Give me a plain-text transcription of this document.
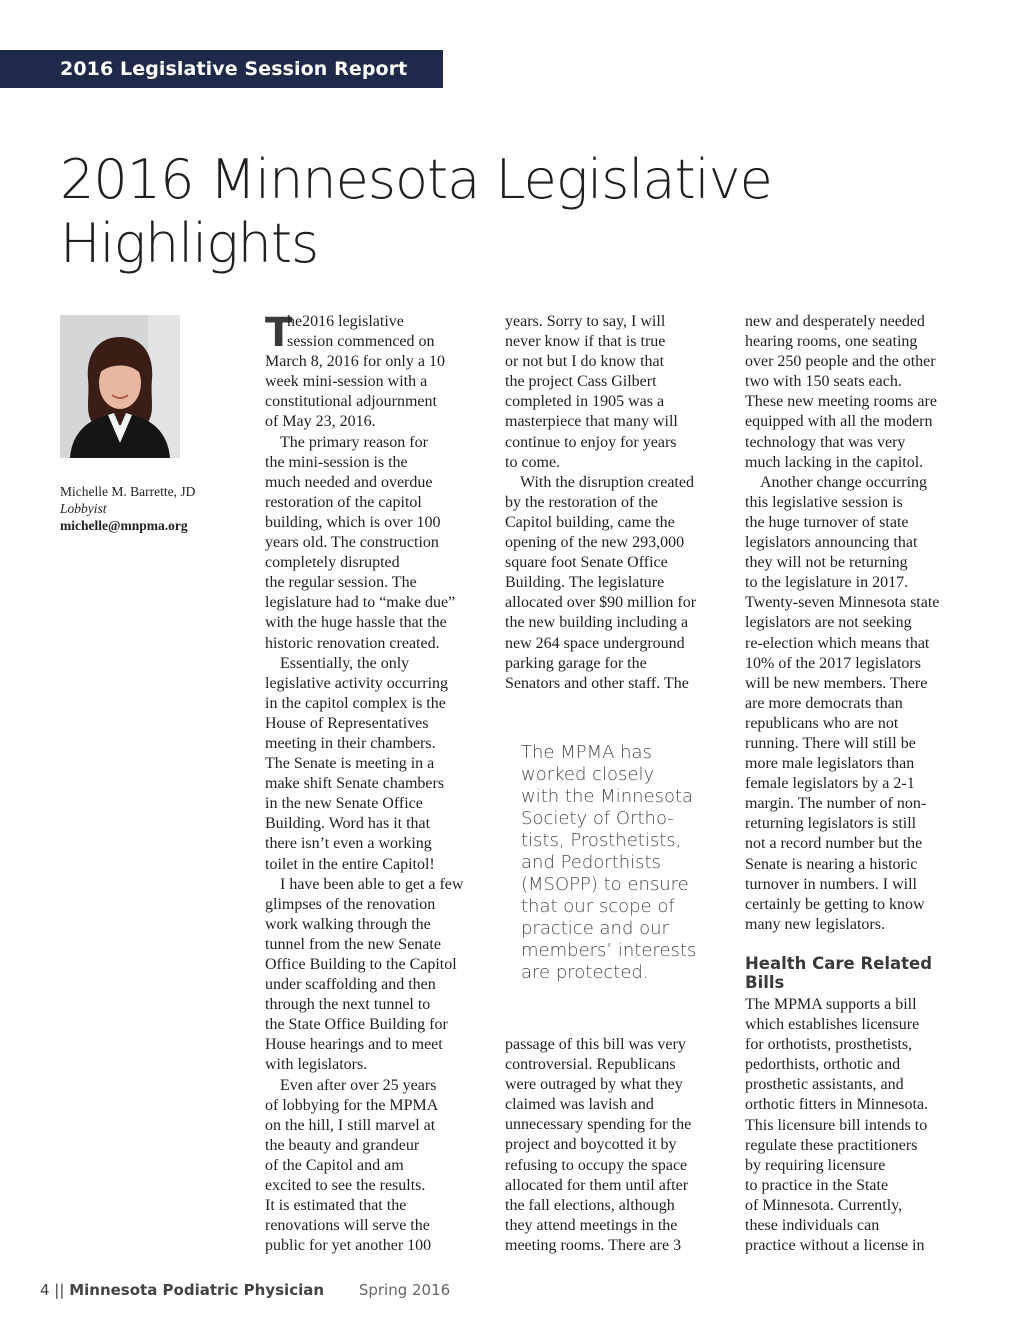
2016 Legislative Session Report
2016 Minnesota Legislative
Highlights
Michelle M. Barrette, JD
Lobbyist
michelle@mnpma.org
T

he2016 legislative

session commenced on

March 8, 2016 for only a 10

week mini-session with a

constitutional adjournment

of May 23, 2016.

The primary reason for

the mini-session is the

much needed and overdue

restoration of the capitol

building, which is over 100

years old. The construction

completely disrupted

the regular session. The

legislature had to “make due”

with the huge hassle that the

historic renovation created.

Essentially, the only

legislative activity occurring

in the capitol complex is the

House of Representatives

meeting in their chambers.

The Senate is meeting in a

make shift Senate chambers

in the new Senate Office

Building. Word has it that

there isn’t even a working

toilet in the entire Capitol!

I have been able to get a few

glimpses of the renovation

work walking through the

tunnel from the new Senate

Office Building to the Capitol

under scaffolding and then

through the next tunnel to

the State Office Building for

House hearings and to meet

with legislators.

Even after over 25 years

of lobbying for the MPMA

on the hill, I still marvel at

the beauty and grandeur

of the Capitol and am

excited to see the results.

It is estimated that the

renovations will serve the

public for yet another 100

years. Sorry to say, I will

never know if that is true

or not but I do know that

the project Cass Gilbert

completed in 1905 was a

masterpiece that many will

continue to enjoy for years

to come.

With the disruption created

by the restoration of the

Capitol building, came the

opening of the new 293,000

square foot Senate Office

Building. The legislature

allocated over $90 million for

the new building including a

new 264 space underground

parking garage for the

Senators and other staff. The

The MPMA has
worked closely
with the Minnesota
Society of Ortho-
tists, Prosthetists,
and Pedorthists
(MSOPP) to ensure
that our scope of
practice and our
members’ interests
are protected.

passage of this bill was very

controversial. Republicans

were outraged by what they

claimed was lavish and

unnecessary spending for the

project and boycotted it by

refusing to occupy the space

allocated for them until after

the fall elections, although

they attend meetings in the

meeting rooms. There are 3

new and desperately needed

hearing rooms, one seating

over 250 people and the other

two with 150 seats each.

These new meeting rooms are

equipped with all the modern

technology that was very

much lacking in the capitol.

Another change occurring

this legislative session is

the huge turnover of state

legislators announcing that

they will not be returning

to the legislature in 2017.

Twenty-seven Minnesota state

legislators are not seeking

re-election which means that

10% of the 2017 legislators

will be new members. There

are more democrats than

republicans who are not

running. There will still be

more male legislators than

female legislators by a 2-1

margin. The number of non-

returning legislators is still

not a record number but the

Senate is nearing a historic

turnover in numbers. I will

certainly be getting to know

many new legislators.

Health Care Related
Bills

The MPMA supports a bill

which establishes licensure

for orthotists, prosthetists,

pedorthists, orthotic and

prosthetic assistants, and

orthotic fitters in Minnesota.

This licensure bill intends to

regulate these practitioners

by requiring licensure

to practice in the State

of Minnesota. Currently,

these individuals can

practice without a license in

4 || Minnesota Podiatric Physician Spring 2016
